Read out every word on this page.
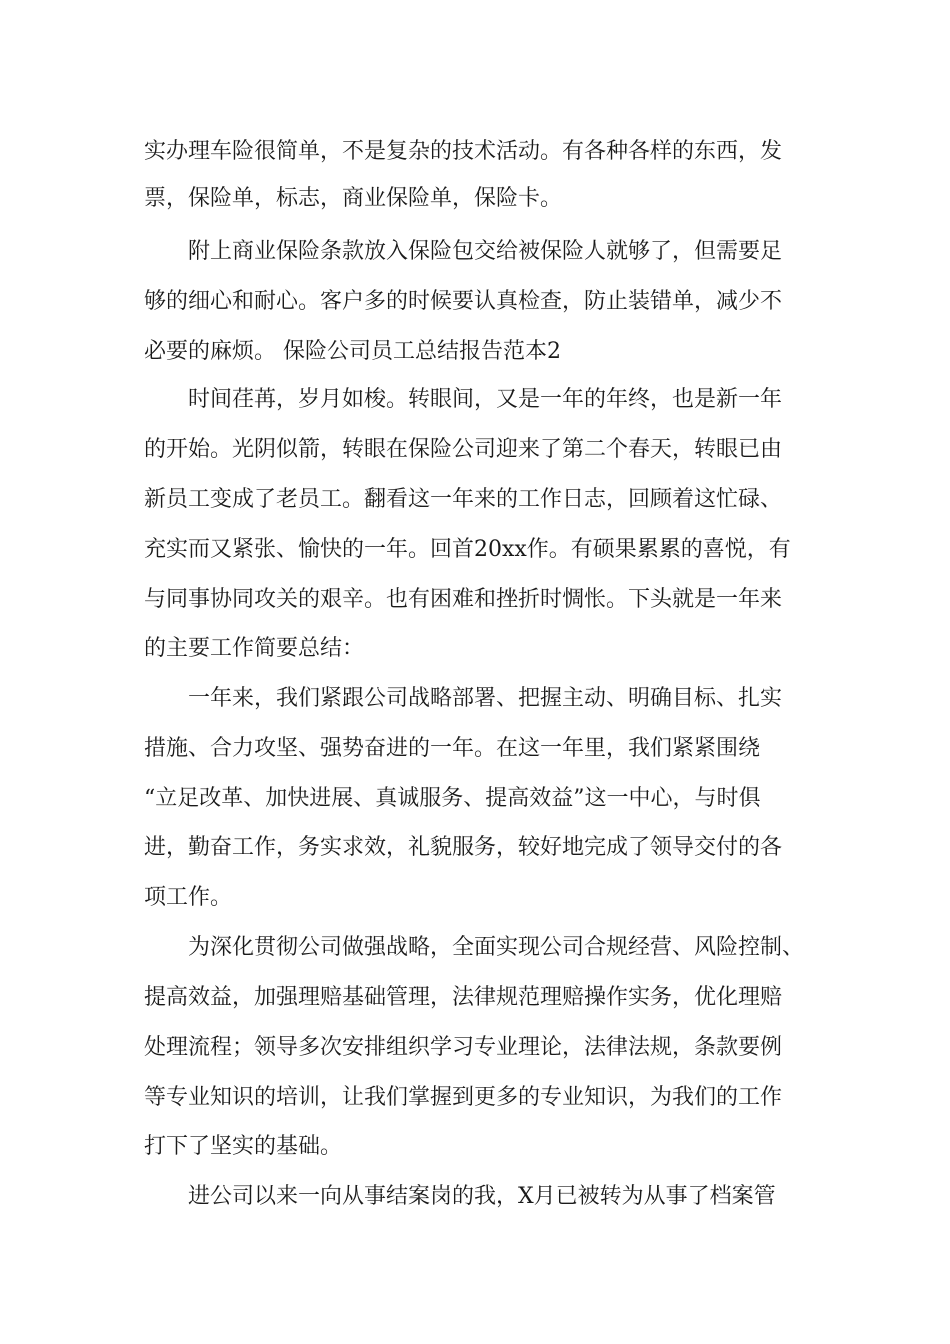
实办理车险很简单，不是复杂的技术活动。有各种各样的东西，发

票，保险单，标志，商业保险单，保险卡。

附上商业保险条款放入保险包交给被保险人就够了，但需要足

够的细心和耐心。客户多的时候要认真检查，防止装错单，减少不

必要的麻烦。 保险公司员工总结报告范本2

时间荏苒，岁月如梭。转眼间，又是一年的年终，也是新一年

的开始。光阴似箭，转眼在保险公司迎来了第二个春天，转眼已由

新员工变成了老员工。翻看这一年来的工作日志，回顾着这忙碌、

充实而又紧张、愉快的一年。回首20xx作。有硕果累累的喜悦，有

与同事协同攻关的艰辛。也有困难和挫折时惆怅。下头就是一年来

的主要工作简要总结：

一年来，我们紧跟公司战略部署、把握主动、明确目标、扎实

措施、合力攻坚、强势奋进的一年。在这一年里，我们紧紧围绕

“立足改革、加快进展、真诚服务、提高效益”这一中心，与时俱

进，勤奋工作，务实求效，礼貌服务，较好地完成了领导交付的各

项工作。

为深化贯彻公司做强战略，全面实现公司合规经营、风险控制、

提高效益，加强理赔基础管理，法律规范理赔操作实务，优化理赔

处理流程；领导多次安排组织学习专业理论，法律法规，条款要例

等专业知识的培训，让我们掌握到更多的专业知识，为我们的工作

打下了坚实的基础。

进公司以来一向从事结案岗的我，X月已被转为从事了档案管
